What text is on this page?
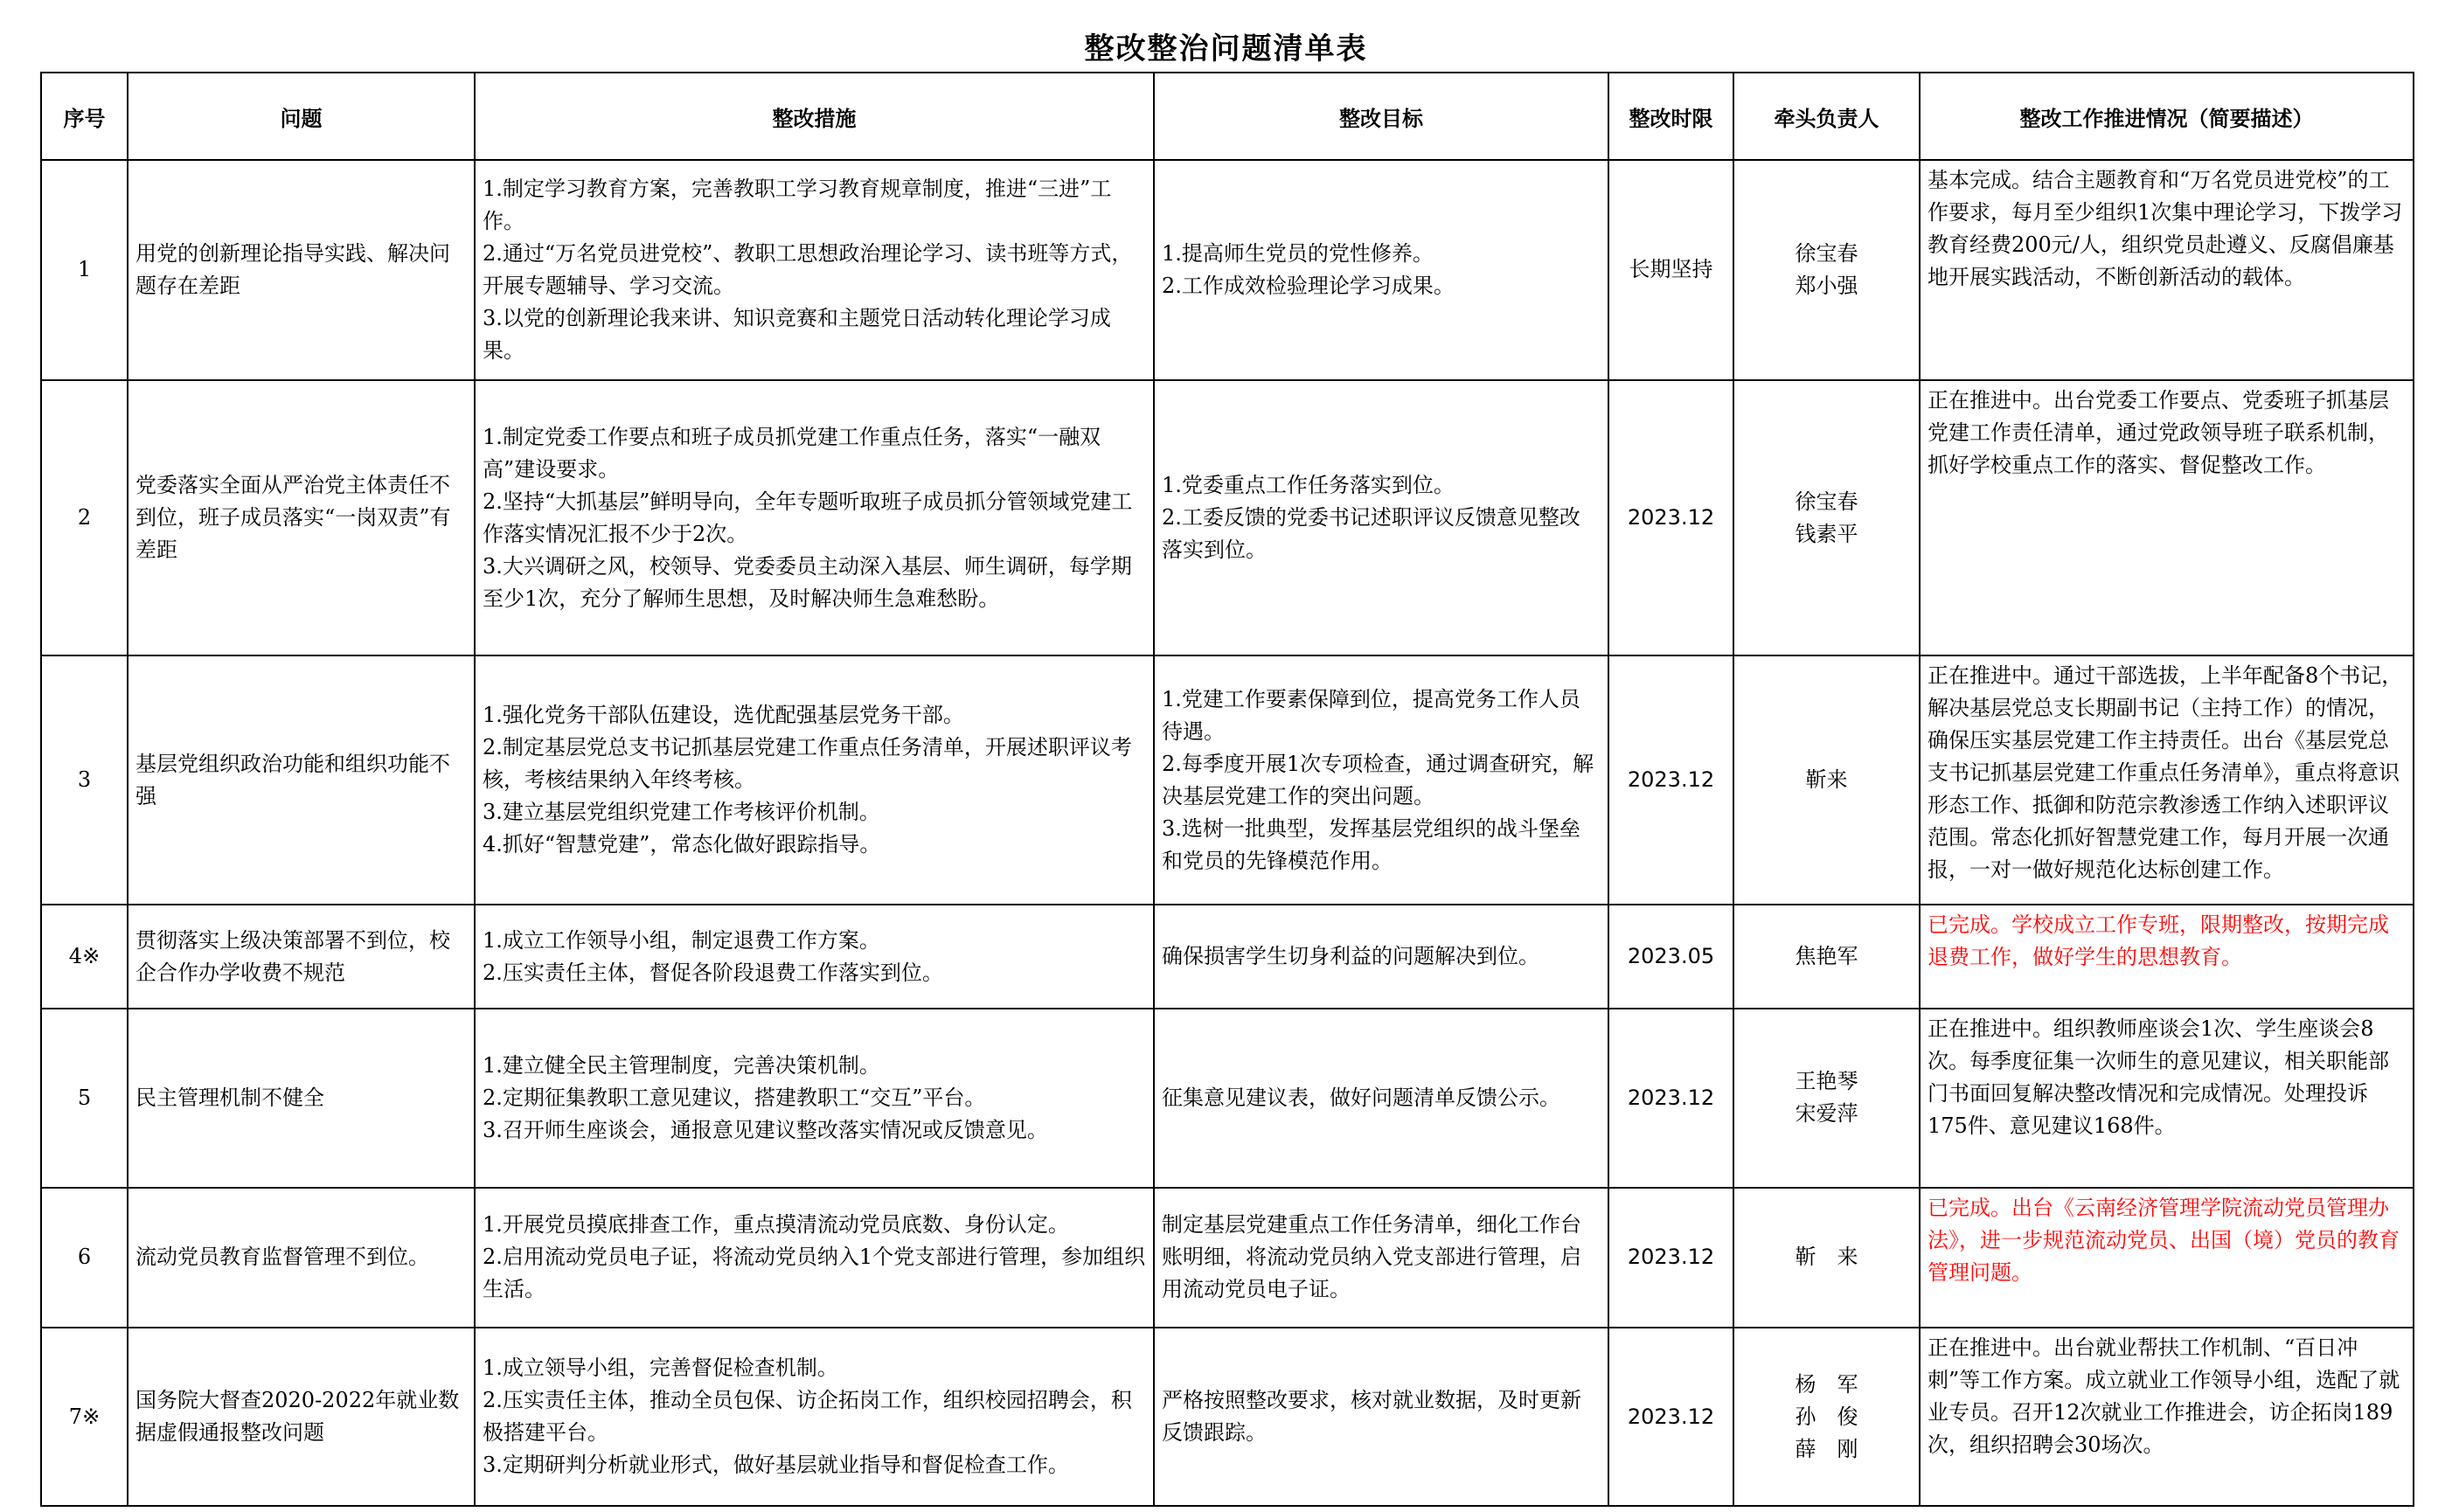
整改整治问题清单表
序号	问题	整改措施	整改目标	整改时限	牵头负责人	整改工作推进情况（简要描述）
1	用党的创新理论指导实践、解决问题存在差距	1.制定学习教育方案，完善教职工学习教育规章制度，推进“三进”工作。
2.通过“万名党员进党校”、教职工思想政治理论学习、读书班等方式，开展专题辅导、学习交流。
3.以党的创新理论我来讲、知识竞赛和主题党日活动转化理论学习成果。	1.提高师生党员的党性修养。
2.工作成效检验理论学习成果。	长期坚持	徐宝春
郑小强	基本完成。结合主题教育和“万名党员进党校”的工作要求，每月至少组织1次集中理论学习，下拨学习教育经费200元/人，组织党员赴遵义、反腐倡廉基地开展实践活动，不断创新活动的载体。
2	党委落实全面从严治党主体责任不到位，班子成员落实“一岗双责”有差距	1.制定党委工作要点和班子成员抓党建工作重点任务，落实“一融双高”建设要求。
2.坚持“大抓基层”鲜明导向，全年专题听取班子成员抓分管领域党建工作落实情况汇报不少于2次。
3.大兴调研之风，校领导、党委委员主动深入基层、师生调研，每学期至少1次，充分了解师生思想，及时解决师生急难愁盼。	1.党委重点工作任务落实到位。
2.工委反馈的党委书记述职评议反馈意见整改落实到位。	2023.12	徐宝春
钱素平	正在推进中。出台党委工作要点、党委班子抓基层党建工作责任清单，通过党政领导班子联系机制，抓好学校重点工作的落实、督促整改工作。
3	基层党组织政治功能和组织功能不强	1.强化党务干部队伍建设，选优配强基层党务干部。
2.制定基层党总支书记抓基层党建工作重点任务清单，开展述职评议考核，考核结果纳入年终考核。
3.建立基层党组织党建工作考核评价机制。
4.抓好“智慧党建”，常态化做好跟踪指导。	1.党建工作要素保障到位，提高党务工作人员待遇。
2.每季度开展1次专项检查，通过调查研究，解决基层党建工作的突出问题。
3.选树一批典型，发挥基层党组织的战斗堡垒和党员的先锋模范作用。	2023.12	靳来	正在推进中。通过干部选拔，上半年配备8个书记，解决基层党总支长期副书记（主持工作）的情况，确保压实基层党建工作主持责任。出台《基层党总支书记抓基层党建工作重点任务清单》，重点将意识形态工作、抵御和防范宗教渗透工作纳入述职评议范围。常态化抓好智慧党建工作，每月开展一次通报，一对一做好规范化达标创建工作。
4※	贯彻落实上级决策部署不到位，校企合作办学收费不规范	1.成立工作领导小组，制定退费工作方案。
2.压实责任主体，督促各阶段退费工作落实到位。	确保损害学生切身利益的问题解决到位。	2023.05	焦艳军	已完成。学校成立工作专班，限期整改，按期完成退费工作，做好学生的思想教育。
5	民主管理机制不健全	1.建立健全民主管理制度，完善决策机制。
2.定期征集教职工意见建议，搭建教职工“交互”平台。
3.召开师生座谈会，通报意见建议整改落实情况或反馈意见。	征集意见建议表，做好问题清单反馈公示。	2023.12	王艳琴
宋爱萍	正在推进中。组织教师座谈会1次、学生座谈会8次。每季度征集一次师生的意见建议，相关职能部门书面回复解决整改情况和完成情况。处理投诉175件、意见建议168件。
6	流动党员教育监督管理不到位。	1.开展党员摸底排查工作，重点摸清流动党员底数、身份认定。
2.启用流动党员电子证，将流动党员纳入1个党支部进行管理，参加组织生活。	制定基层党建重点工作任务清单，细化工作台账明细，将流动党员纳入党支部进行管理，启用流动党员电子证。	2023.12	靳　来	已完成。出台《云南经济管理学院流动党员管理办法》，进一步规范流动党员、出国（境）党员的教育管理问题。
7※	国务院大督查2020-2022年就业数据虚假通报整改问题	1.成立领导小组，完善督促检查机制。
2.压实责任主体，推动全员包保、访企拓岗工作，组织校园招聘会，积极搭建平台。
3.定期研判分析就业形式，做好基层就业指导和督促检查工作。	严格按照整改要求，核对就业数据，及时更新反馈跟踪。	2023.12	杨　军
孙　俊
薛　刚	正在推进中。出台就业帮扶工作机制、“百日冲刺”等工作方案。成立就业工作领导小组，选配了就业专员。召开12次就业工作推进会，访企拓岗189次，组织招聘会30场次。
